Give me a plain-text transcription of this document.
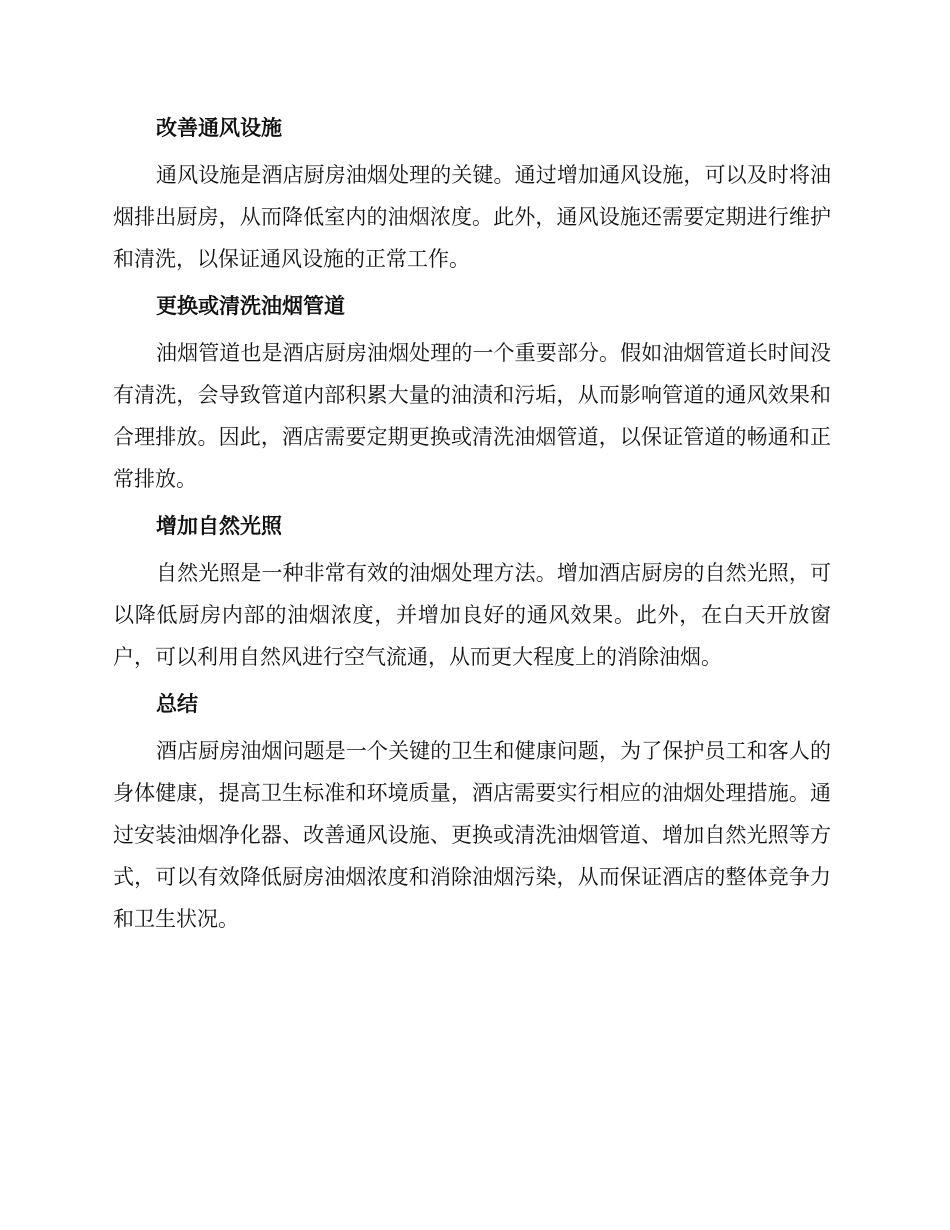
改善通风设施
通风设施是酒店厨房油烟处理的关键。通过增加通风设施，可以及时将油烟排出厨房，从而降低室内的油烟浓度。此外，通风设施还需要定期进行维护和清洗，以保证通风设施的正常工作。
更换或清洗油烟管道
油烟管道也是酒店厨房油烟处理的一个重要部分。假如油烟管道长时间没有清洗，会导致管道内部积累大量的油渍和污垢，从而影响管道的通风效果和合理排放。因此，酒店需要定期更换或清洗油烟管道，以保证管道的畅通和正常排放。
增加自然光照
自然光照是一种非常有效的油烟处理方法。增加酒店厨房的自然光照，可以降低厨房内部的油烟浓度，并增加良好的通风效果。此外，在白天开放窗户，可以利用自然风进行空气流通，从而更大程度上的消除油烟。
总结
酒店厨房油烟问题是一个关键的卫生和健康问题，为了保护员工和客人的身体健康，提高卫生标准和环境质量，酒店需要实行相应的油烟处理措施。通过安装油烟净化器、改善通风设施、更换或清洗油烟管道、增加自然光照等方式，可以有效降低厨房油烟浓度和消除油烟污染，从而保证酒店的整体竞争力和卫生状况。
